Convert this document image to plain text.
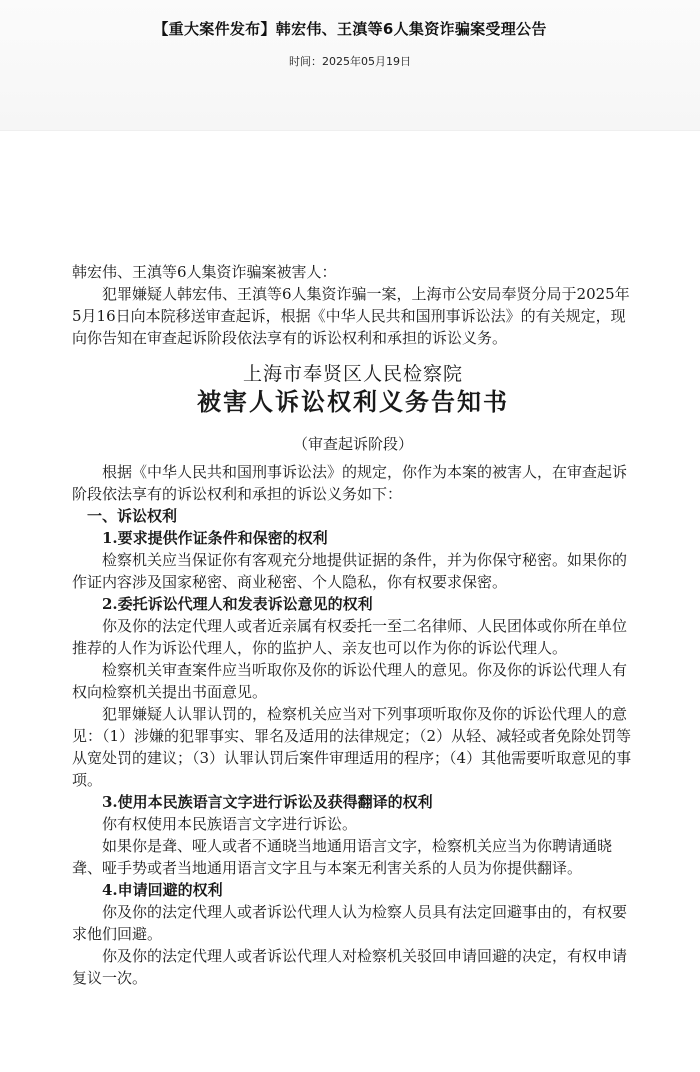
【重大案件发布】韩宏伟、王滇等6人集资诈骗案受理公告
时间：2025年05月19日

韩宏伟、王滇等6人集资诈骗案被害人：

犯罪嫌疑人韩宏伟、王滇等6人集资诈骗一案，上海市公安局奉贤分局于2025年5月16日向本院移送审查起诉，根据《中华人民共和国刑事诉讼法》的有关规定，现向你告知在审查起诉阶段依法享有的诉讼权利和承担的诉讼义务。

上海市奉贤区人民检察院
被害人诉讼权利义务告知书
（审查起诉阶段）

根据《中华人民共和国刑事诉讼法》的规定，你作为本案的被害人，在审查起诉阶段依法享有的诉讼权利和承担的诉讼义务如下：

一、诉讼权利

1.要求提供作证条件和保密的权利

检察机关应当保证你有客观充分地提供证据的条件，并为你保守秘密。如果你的作证内容涉及国家秘密、商业秘密、个人隐私，你有权要求保密。

2.委托诉讼代理人和发表诉讼意见的权利

你及你的法定代理人或者近亲属有权委托一至二名律师、人民团体或你所在单位推荐的人作为诉讼代理人，你的监护人、亲友也可以作为你的诉讼代理人。

检察机关审查案件应当听取你及你的诉讼代理人的意见。你及你的诉讼代理人有权向检察机关提出书面意见。

犯罪嫌疑人认罪认罚的，检察机关应当对下列事项听取你及你的诉讼代理人的意见：（1）涉嫌的犯罪事实、罪名及适用的法律规定；（2）从轻、减轻或者免除处罚等从宽处罚的建议；（3）认罪认罚后案件审理适用的程序；（4）其他需要听取意见的事项。

3.使用本民族语言文字进行诉讼及获得翻译的权利

你有权使用本民族语言文字进行诉讼。

如果你是聋、哑人或者不通晓当地通用语言文字，检察机关应当为你聘请通晓聋、哑手势或者当地通用语言文字且与本案无利害关系的人员为你提供翻译。

4.申请回避的权利

你及你的法定代理人或者诉讼代理人认为检察人员具有法定回避事由的，有权要求他们回避。

你及你的法定代理人或者诉讼代理人对检察机关驳回申请回避的决定，有权申请复议一次。
